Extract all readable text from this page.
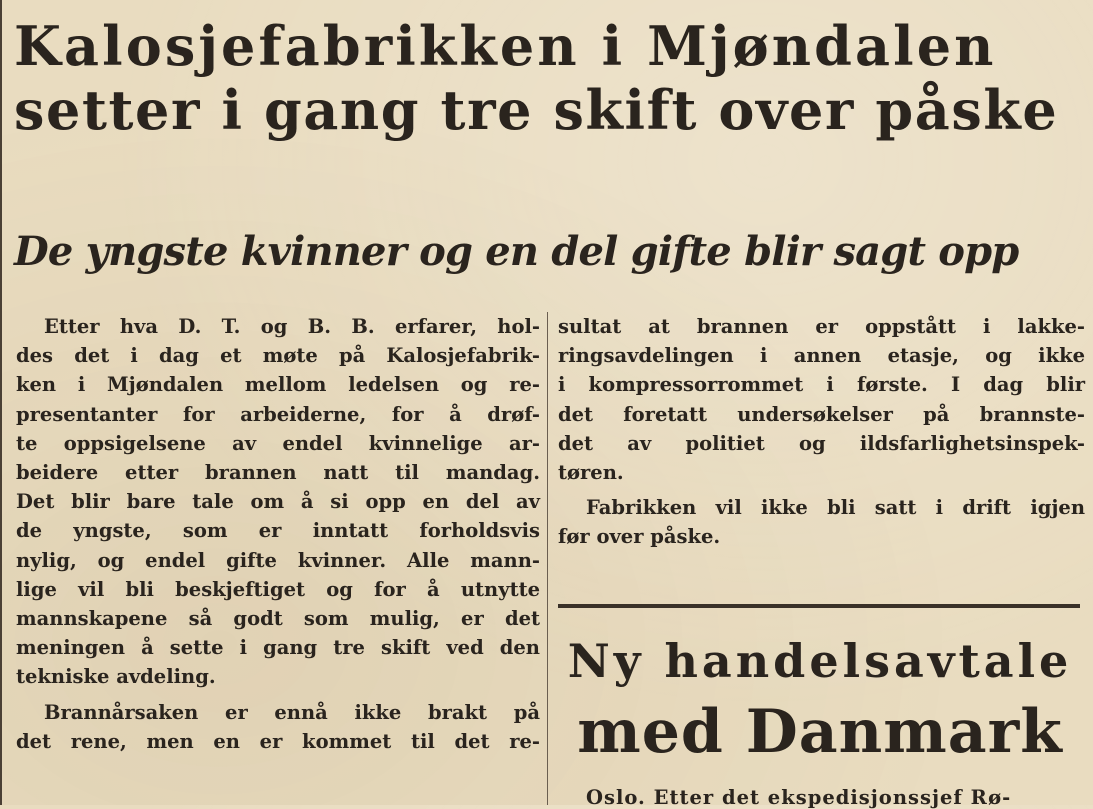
Kalosjefabrikken i Mjøndalen
setter i gang tre skift over påske
De yngste kvinner og en del gifte blir sagt opp
Etter hva D. T. og B. B. erfarer, hol-
des det i dag et møte på Kalosjefabrik-
ken i Mjøndalen mellom ledelsen og re-
presentanter for arbeiderne, for å drøf-
te oppsigelsene av endel kvinnelige ar-
beidere etter brannen natt til mandag.
Det blir bare tale om å si opp en del av
de yngste, som er inntatt forholdsvis
nylig, og endel gifte kvinner. Alle mann-
lige vil bli beskjeftiget og for å utnytte
mannskapene så godt som mulig, er det
meningen å sette i gang tre skift ved den
tekniske avdeling.
Brannårsaken er ennå ikke brakt på
det rene, men en er kommet til det re-
sultat at brannen er oppstått i lakke-
ringsavdelingen i annen etasje, og ikke
i kompressorrommet i første. I dag blir
det foretatt undersøkelser på brannste-
det av politiet og ildsfarlighetsinspek-
tøren.
Fabrikken vil ikke bli satt i drift igjen
før over påske.
Ny handelsavtale
med Danmark
Oslo. Etter det ekspedisjonssjef Rø-
